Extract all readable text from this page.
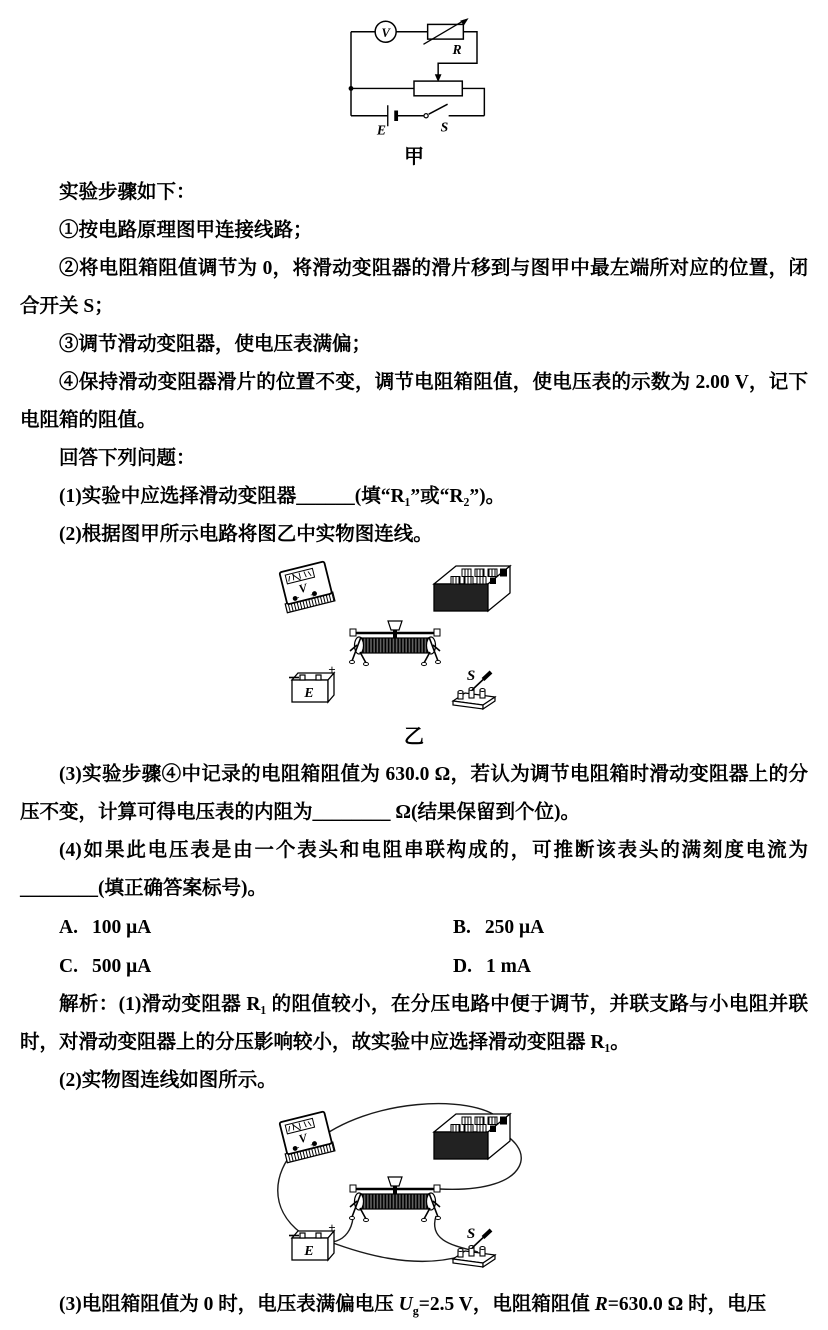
V
R
E	S
甲

实验步骤如下：

①按电路原理图甲连接线路；

②将电阻箱阻值调节为 0，将滑动变阻器的滑片移到与图甲中最左端所对应的位置，闭合开关 S；

③调节滑动变阻器，使电压表满偏；

④保持滑动变阻器滑片的位置不变，调节电阻箱阻值，使电压表的示数为 2.00 V，记下电阻箱的阻值。

回答下列问题：

(1)实验中应选择滑动变阻器______(填“R₁”或“R₂”)。

(2)根据图甲所示电路将图乙中实物图连线。

S
乙

(3)实验步骤④中记录的电阻箱阻值为 630.0 Ω，若认为调节电阻箱时滑动变阻器上的分压不变，计算可得电压表的内阻为________ Ω(结果保留到个位)。

(4)如果此电压表是由一个表头和电阻串联构成的，可推断该表头的满刻度电流为________(填正确答案标号)。

A. 100 μA	B. 250 μA
C. 500 μA	D. 1 mA

解析：(1)滑动变阻器 R₁ 的阻值较小，在分压电路中便于调节，并联支路与小电阻并联时，对滑动变阻器上的分压影响较小，故实验中应选择滑动变阻器 R₁。

(2)实物图连线如图所示。

S

(3)电阻箱阻值为 0 时，电压表满偏电压 $U_g=2.5$ V，电阻箱阻值 R=630.0 Ω 时，电压
